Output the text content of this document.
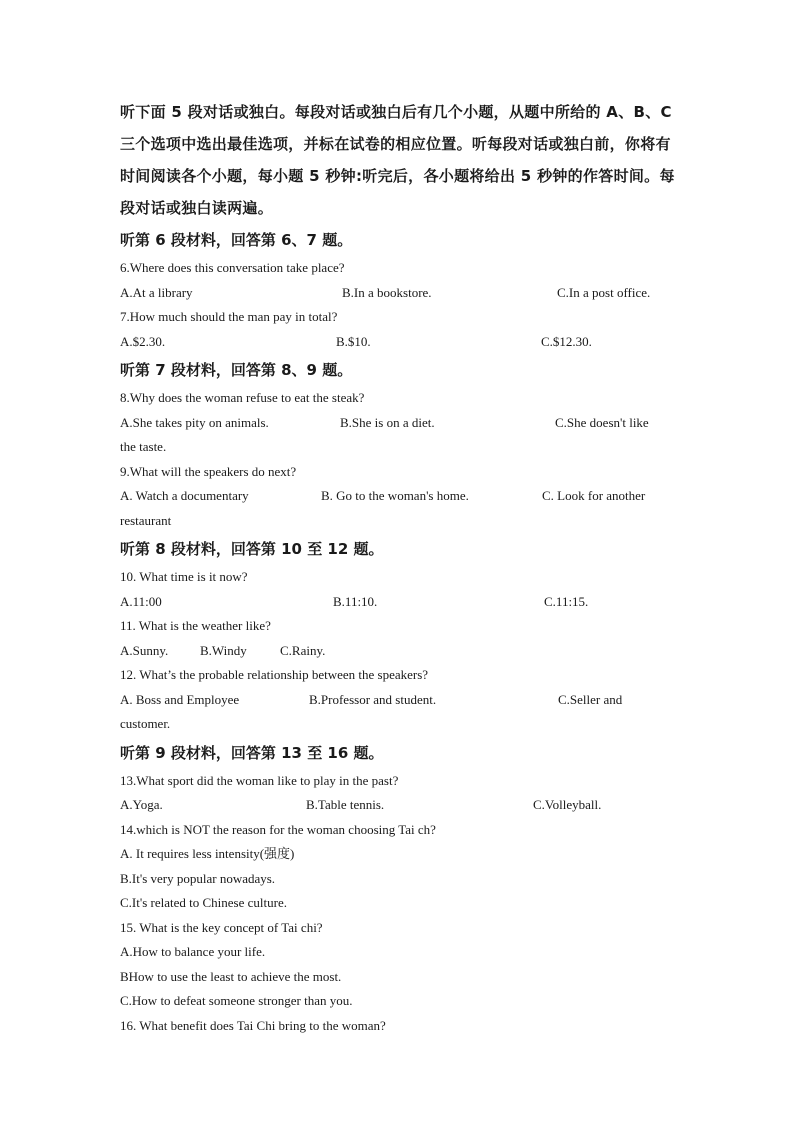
听下面 5 段对话或独白。每段对话或独白后有几个小题，从题中所给的 A、B、C 三个选项中选出最佳选项，并标在试卷的相应位置。听每段对话或独白前，你将有时间阅读各个小题，每小题 5 秒钟:听完后，各小题将给出 5 秒钟的作答时间。每段对话或独白读两遍。

听第 6 段材料，回答第 6、7 题。
6.Where does this conversation take place?
A.At a library	B.In a bookstore.	C.In a post office.
7.How much should the man pay in total?
A.$2.30.	B.$10.	C.$12.30.
听第 7 段材料，回答第 8、9 题。
8.Why does the woman refuse to eat the steak?
A.She takes pity on animals.	B.She is on a diet.	C.She doesn't like
the taste.
9.What will the speakers do next?
A. Watch a documentary	B. Go to the woman's home.	C. Look for another
restaurant
听第 8 段材料，回答第 10 至 12 题。
10. What time is it now?
A.11:00	B.11:10.	C.11:15.
11. What is the weather like?
A.Sunny. B.Windy	C.Rainy.
12. What’s the probable relationship between the speakers?
A. Boss and Employee	B.Professor and student.	C.Seller and
customer.
听第 9 段材料，回答第 13 至 16 题。
13.What sport did the woman like to play in the past?
A.Yoga.	B.Table tennis.	C.Volleyball.
14.which is NOT the reason for the woman choosing Tai ch?
A. It requires less intensity(强度)
B.It's very popular nowadays.
C.It's related to Chinese culture.
15. What is the key concept of Tai chi?
A.How to balance your life.
BHow to use the least to achieve the most.
C.How to defeat someone stronger than you.
16. What benefit does Tai Chi bring to the woman?
